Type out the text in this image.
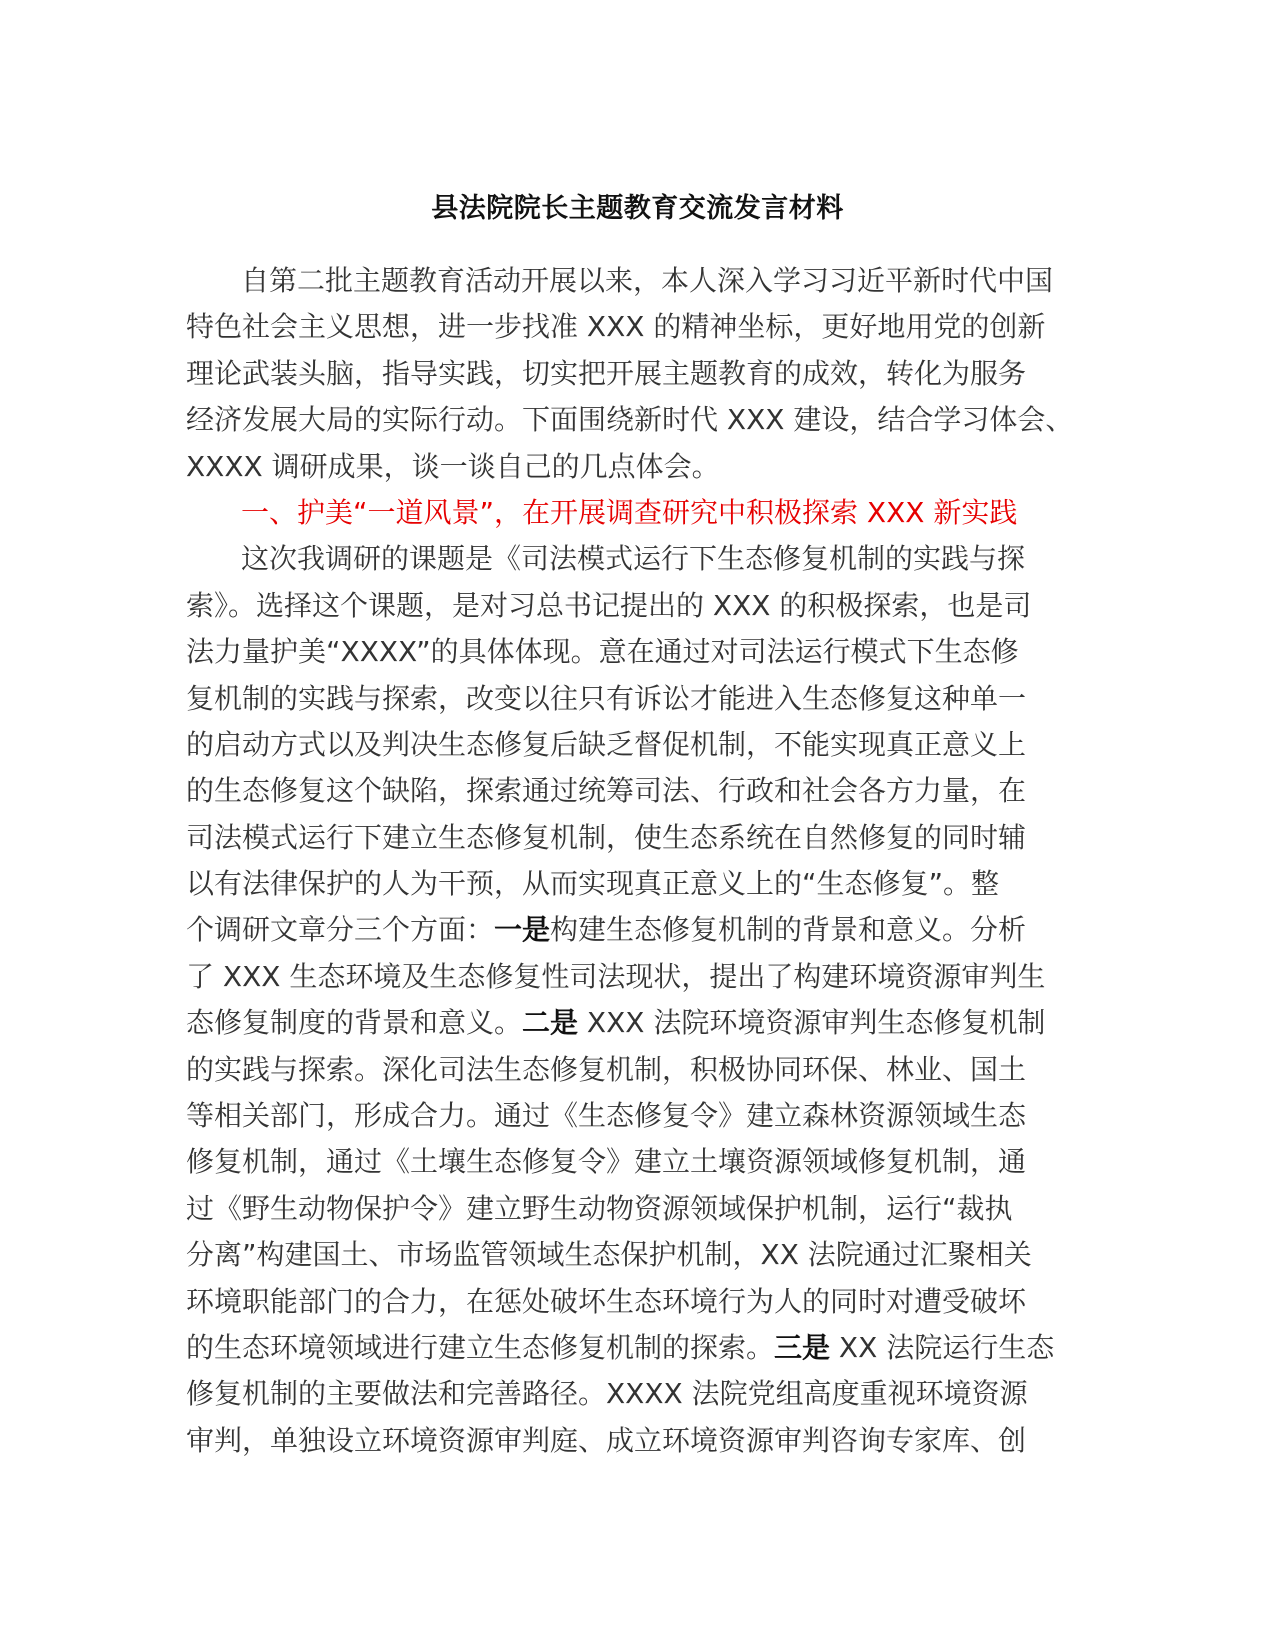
县法院院长主题教育交流发言材料
自第二批主题教育活动开展以来，本人深入学习习近平新时代中国
特色社会主义思想，进一步找准 XXX 的精神坐标，更好地用党的创新
理论武装头脑，指导实践，切实把开展主题教育的成效，转化为服务
经济发展大局的实际行动。下面围绕新时代 XXX 建设，结合学习体会、
XXXX 调研成果，谈一谈自己的几点体会。
一、护美“一道风景”，在开展调查研究中积极探索 XXX 新实践
这次我调研的课题是《司法模式运行下生态修复机制的实践与探
索》。选择这个课题，是对习总书记提出的 XXX 的积极探索，也是司
法力量护美“XXXX”的具体体现。意在通过对司法运行模式下生态修
复机制的实践与探索，改变以往只有诉讼才能进入生态修复这种单一
的启动方式以及判决生态修复后缺乏督促机制，不能实现真正意义上
的生态修复这个缺陷，探索通过统筹司法、行政和社会各方力量，在
司法模式运行下建立生态修复机制，使生态系统在自然修复的同时辅
以有法律保护的人为干预，从而实现真正意义上的“生态修复”。整
个调研文章分三个方面：一是构建生态修复机制的背景和意义。分析
了 XXX 生态环境及生态修复性司法现状，提出了构建环境资源审判生
态修复制度的背景和意义。二是 XXX 法院环境资源审判生态修复机制
的实践与探索。深化司法生态修复机制，积极协同环保、林业、国土
等相关部门，形成合力。通过《生态修复令》建立森林资源领域生态
修复机制，通过《土壤生态修复令》建立土壤资源领域修复机制，通
过《野生动物保护令》建立野生动物资源领域保护机制，运行“裁执
分离”构建国土、市场监管领域生态保护机制，XX 法院通过汇聚相关
环境职能部门的合力，在惩处破坏生态环境行为人的同时对遭受破坏
的生态环境领域进行建立生态修复机制的探索。三是 XX 法院运行生态
修复机制的主要做法和完善路径。XXXX 法院党组高度重视环境资源
审判，单独设立环境资源审判庭、成立环境资源审判咨询专家库、创
